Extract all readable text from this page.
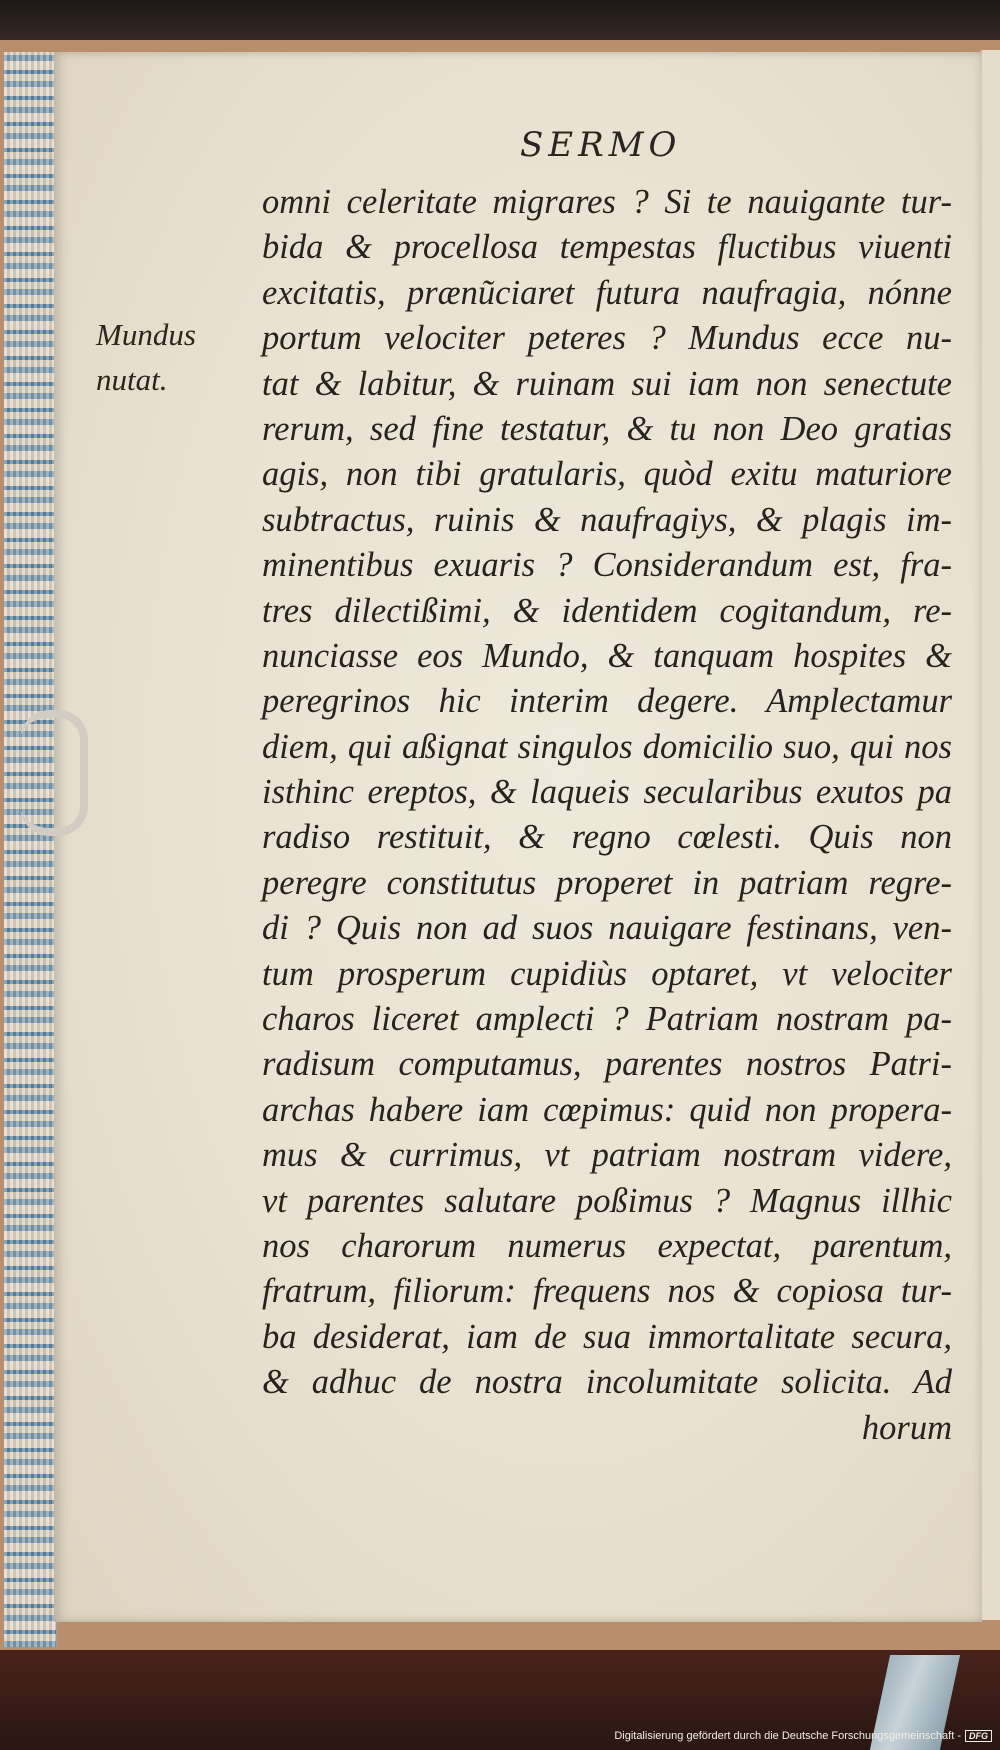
SERMO
Mundus
nutat.
omni celeritate migrares ? Si te nauigante tur-
bida & procellosa tempestas fluctibus viuenti
excitatis, prænũciaret futura naufragia, nónne
portum velociter peteres ? Mundus ecce nu-
tat & labitur, & ruinam sui iam non senectute
rerum, sed fine testatur, & tu non Deo gratias
agis, non tibi gratularis, quòd exitu maturiore
subtractus, ruinis & naufragiys, & plagis im-
minentibus exuaris ? Considerandum est, fra-
tres dilectißimi, & identidem cogitandum, re-
nunciasse eos Mundo, & tanquam hospites &
peregrinos hic interim degere. Amplectamur
diem, qui aßignat singulos domicilio suo, qui nos
isthinc ereptos, & laqueis secularibus exutos pa
radiso restituit, & regno cœlesti. Quis non
peregre constitutus properet in patriam regre-
di ? Quis non ad suos nauigare festinans, ven-
tum prosperum cupidiùs optaret, vt velociter
charos liceret amplecti ? Patriam nostram pa-
radisum computamus, parentes nostros Patri-
archas habere iam cœpimus: quid non propera-
mus & currimus, vt patriam nostram videre,
vt parentes salutare poßimus ? Magnus illhic
nos charorum numerus expectat, parentum,
fratrum, filiorum: frequens nos & copiosa tur-
ba desiderat, iam de sua immortalitate secura,
& adhuc de nostra incolumitate solicita. Ad
horum
Digitalisierung gefördert durch die Deutsche Forschungsgemeinschaft - DFG
